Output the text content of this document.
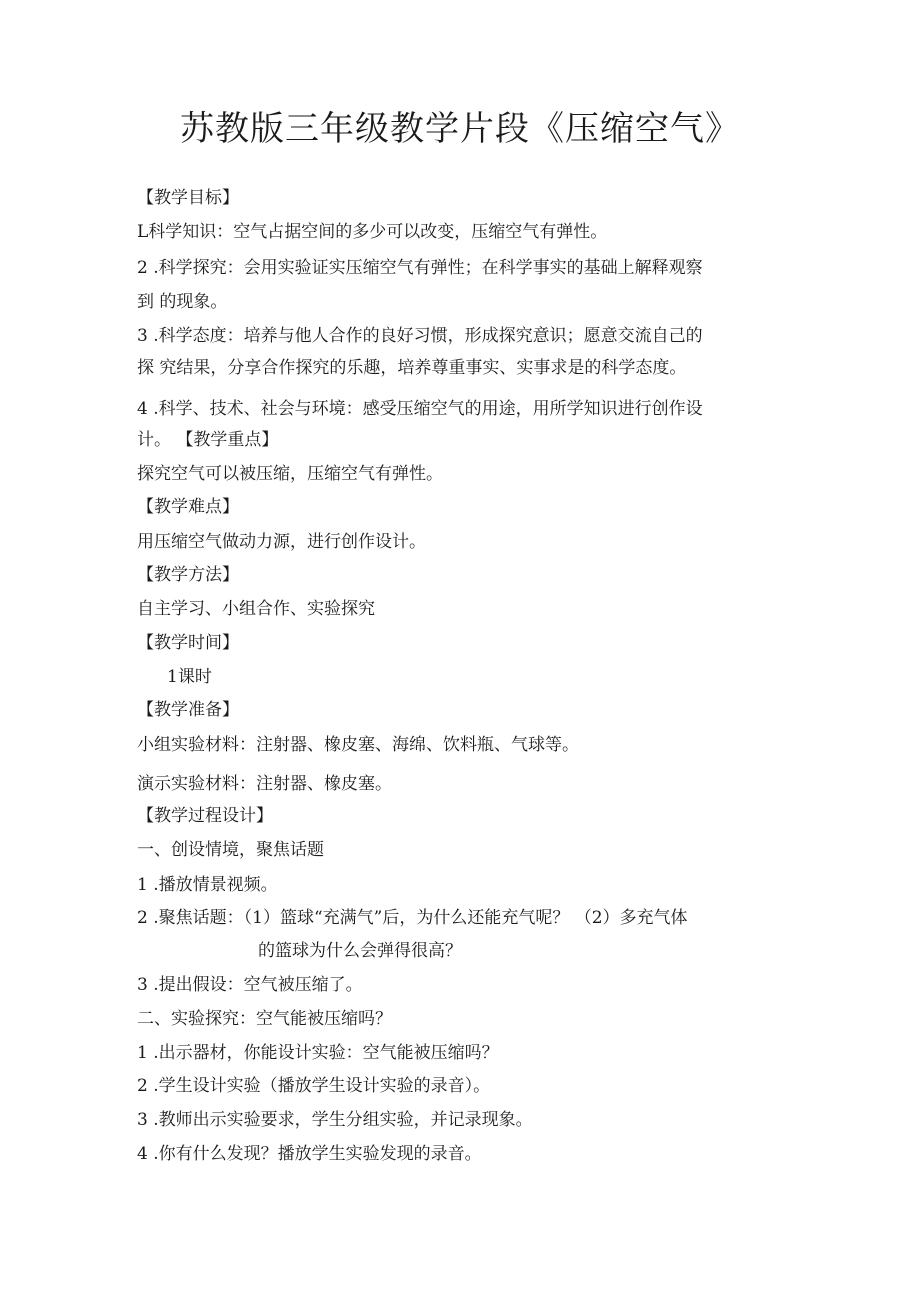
苏教版三年级教学片段《压缩空气》
【教学目标】
L科学知识：空气占据空间的多少可以改变，压缩空气有弹性。
2 .科学探究：会用实验证实压缩空气有弹性；在科学事实的基础上解释观察
到 的现象。
3 .科学态度：培养与他人合作的良好习惯，形成探究意识；愿意交流自己的
探 究结果，分享合作探究的乐趣，培养尊重事实、实事求是的科学态度。
4 .科学、技术、社会与环境：感受压缩空气的用途，用所学知识进行创作设
计。 【教学重点】
探究空气可以被压缩，压缩空气有弹性。
【教学难点】
用压缩空气做动力源，进行创作设计。
【教学方法】
自主学习、小组合作、实验探究
【教学时间】
1课时
【教学准备】
小组实验材料：注射器、橡皮塞、海绵、饮料瓶、气球等。
演示实验材料：注射器、橡皮塞。
【教学过程设计】
一、创设情境，聚焦话题
1 .播放情景视频。
2 .聚焦话题：（1）篮球“充满气”后，为什么还能充气呢？ （2）多充气体
的篮球为什么会弹得很高？
3 .提出假设：空气被压缩了。
二、实验探究：空气能被压缩吗？
1 .出示器材，你能设计实验：空气能被压缩吗？
2 .学生设计实验（播放学生设计实验的录音）。
3 .教师出示实验要求，学生分组实验，并记录现象。
4 .你有什么发现？播放学生实验发现的录音。
